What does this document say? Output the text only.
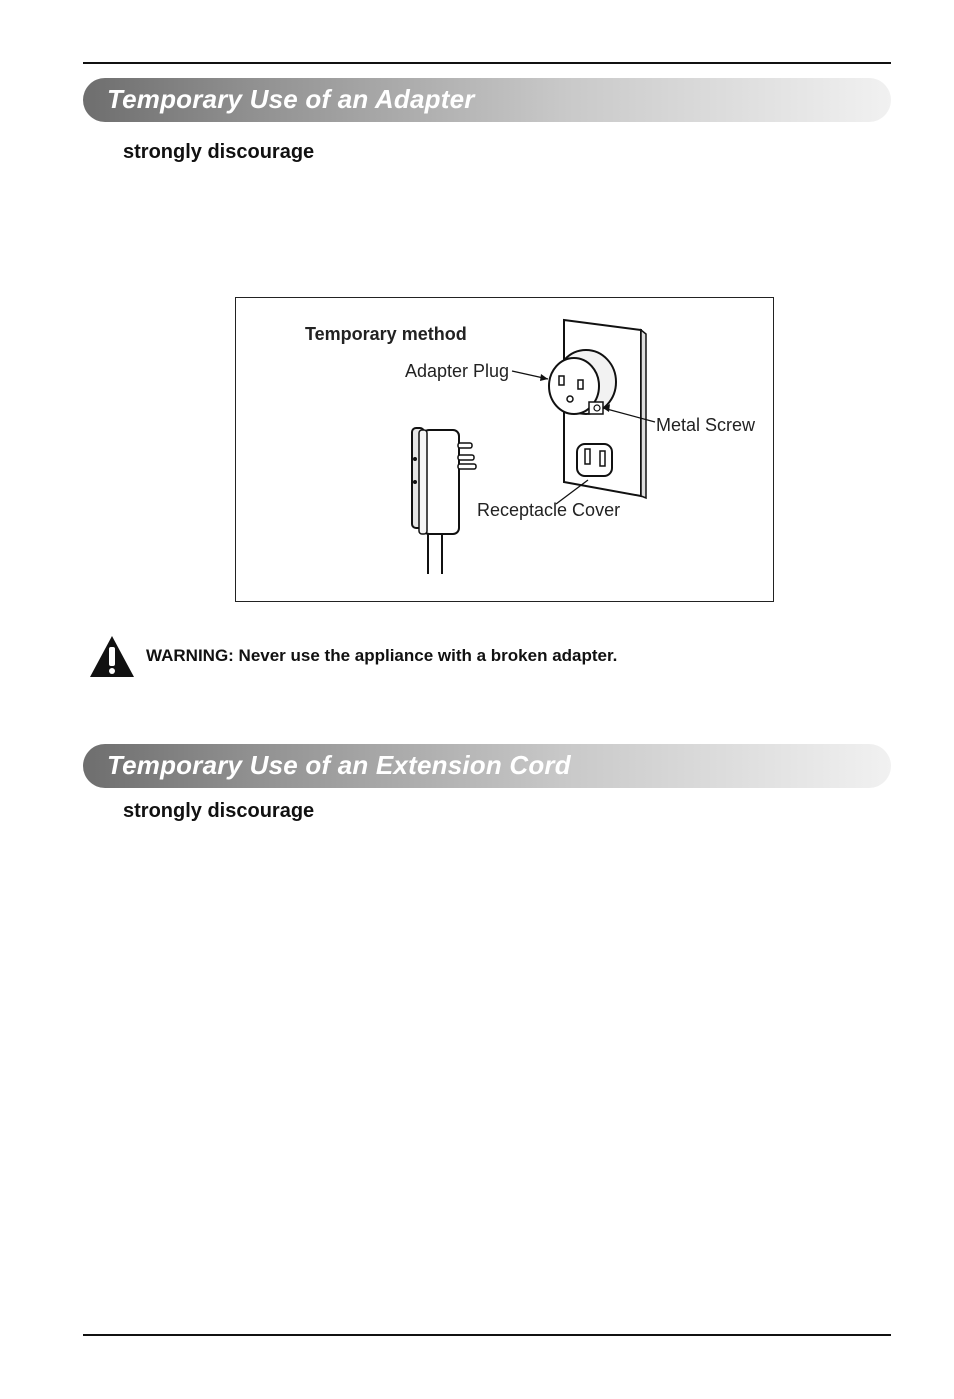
Temporary Use of an Adapter
strongly discourage
Temporary method
Adapter Plug
Metal Screw
Receptacle Cover
WARNING: Never use the appliance with a broken adapter.
Temporary Use of an Extension Cord
strongly discourage
